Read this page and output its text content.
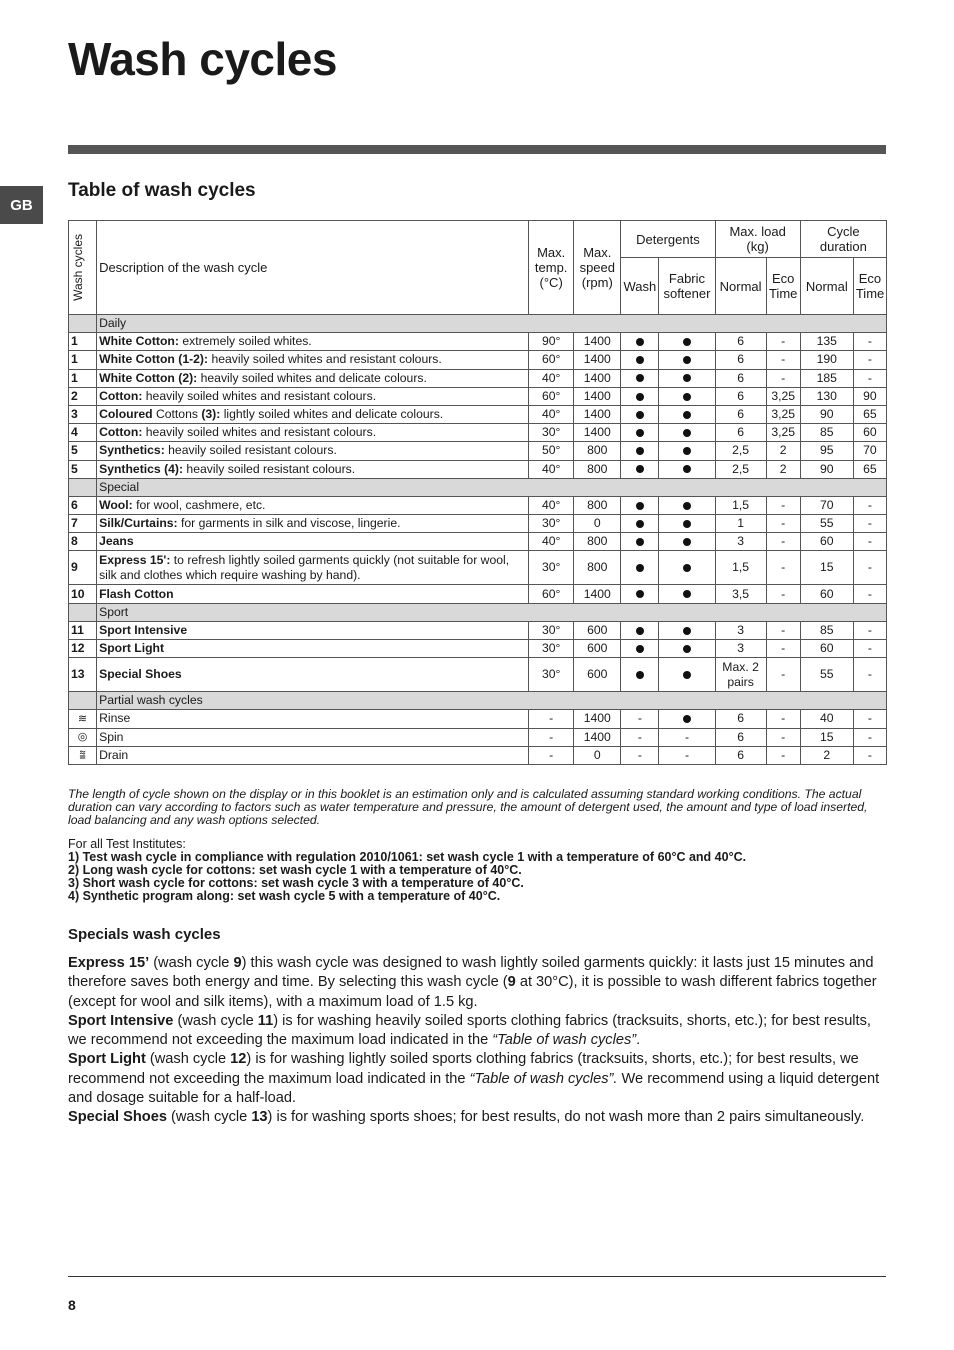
Wash cycles
GB
Table of wash cycles
Wash cycles	Description of the wash cycle	Max. temp. (°C)	Max. speed (rpm)	Detergents		Max. load (kg)		Cycle duration	
				Wash	Fabric softener	Normal	Eco Time	Normal	Eco Time
	Daily								
1	White Cotton: extremely soiled whites.	90°	1400			6	-	135	-
1	White Cotton (1-2): heavily soiled whites and resistant colours.	60°	1400			6	-	190	-
1	White Cotton (2): heavily soiled whites and delicate colours.	40°	1400			6	-	185	-
2	Cotton: heavily soiled whites and resistant colours.	60°	1400			6	3,25	130	90
3	Coloured Cottons (3): lightly soiled whites and delicate colours.	40°	1400			6	3,25	90	65
4	Cotton: heavily soiled whites and resistant colours.	30°	1400			6	3,25	85	60
5	Synthetics: heavily soiled resistant colours.	50°	800			2,5	2	95	70
5	Synthetics (4): heavily soiled resistant colours.	40°	800			2,5	2	90	65
	Special								
6	Wool: for wool, cashmere, etc.	40°	800			1,5	-	70	-
7	Silk/Curtains: for garments in silk and viscose, lingerie.	30°	0			1	-	55	-
8	Jeans	40°	800			3	-	60	-
9	Express 15': to refresh lightly soiled garments quickly (not suitable for wool, silk and clothes which require washing by hand).	30°	800			1,5	-	15	-
10	Flash Cotton	60°	1400			3,5	-	60	-
	Sport								
11	Sport Intensive	30°	600			3	-	85	-
12	Sport Light	30°	600			3	-	60	-
13	Special Shoes	30°	600			Max. 2 pairs	-	55	-
	Partial wash cycles								
≋	Rinse	-	1400	-		6	-	40	-
◎	Spin	-	1400	-	-	6	-	15	-
⩰	Drain	-	0	-	-	6	-	2	-

The length of cycle shown on the display or in this booklet is an estimation only and is calculated assuming standard working conditions. The actual duration can vary according to factors such as water temperature and pressure, the amount of detergent used, the amount and type of load inserted, load balancing and any wash options selected.

For all Test Institutes:

1) Test wash cycle in compliance with regulation 2010/1061: set wash cycle 1 with a temperature of 60°C and 40°C.
2) Long wash cycle for cottons: set wash cycle 1 with a temperature of 40°C.
3) Short wash cycle for cottons: set wash cycle 3 with a temperature of 40°C.
4) Synthetic program along: set wash cycle 5 with a temperature of 40°C.
Specials wash cycles

Express 15’ (wash cycle 9) this wash cycle was designed to wash lightly soiled garments quickly: it lasts just 15 minutes and therefore saves both energy and time. By selecting this wash cycle (9 at 30°C), it is possible to wash different fabrics together (except for wool and silk items), with a maximum load of 1.5 kg.

Sport Intensive (wash cycle 11) is for washing heavily soiled sports clothing fabrics (tracksuits, shorts, etc.); for best results, we recommend not exceeding the maximum load indicated in the “Table of wash cycles”.

Sport Light (wash cycle 12) is for washing lightly soiled sports clothing fabrics (tracksuits, shorts, etc.); for best results, we recommend not exceeding the maximum load indicated in the “Table of wash cycles”. We recommend using a liquid detergent and dosage suitable for a half-load.

Special Shoes (wash cycle 13) is for washing sports shoes; for best results, do not wash more than 2 pairs simultaneously.

8
